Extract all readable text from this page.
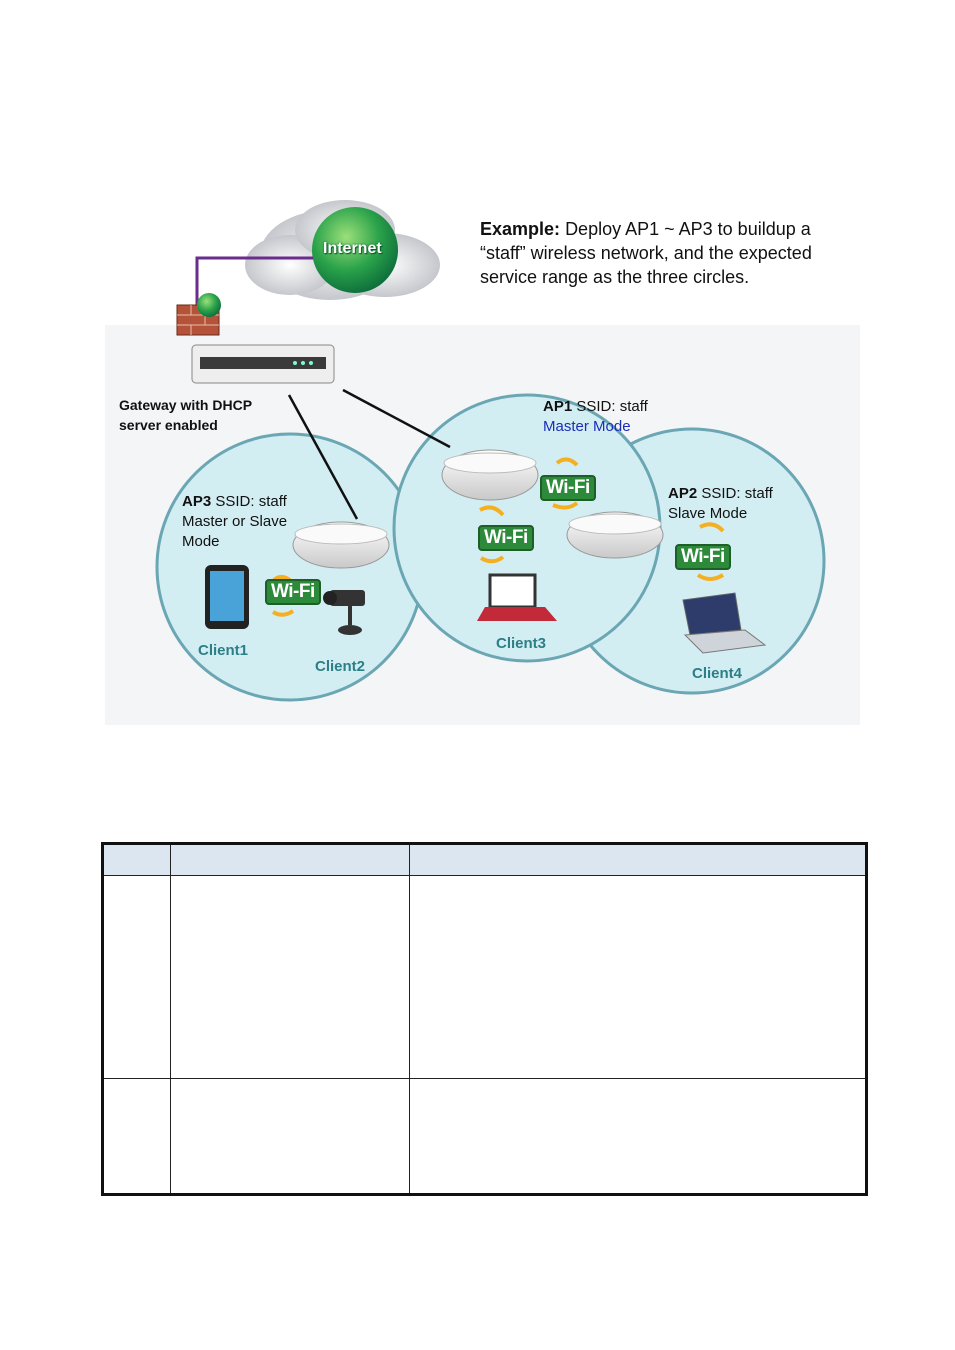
Internet
Example: Deploy AP1 ~ AP3 to buildup a “staff” wireless network, and the expected service range as the three circles.
Gateway with DHCP
server enabled
AP1 SSID: staff
Master Mode
AP2 SSID: staff
Slave Mode
AP3 SSID: staff
Master or Slave
Mode
Wi-Fi
Wi-Fi
Wi-Fi
Wi-Fi
Client1
Client2
Client3
Client4
